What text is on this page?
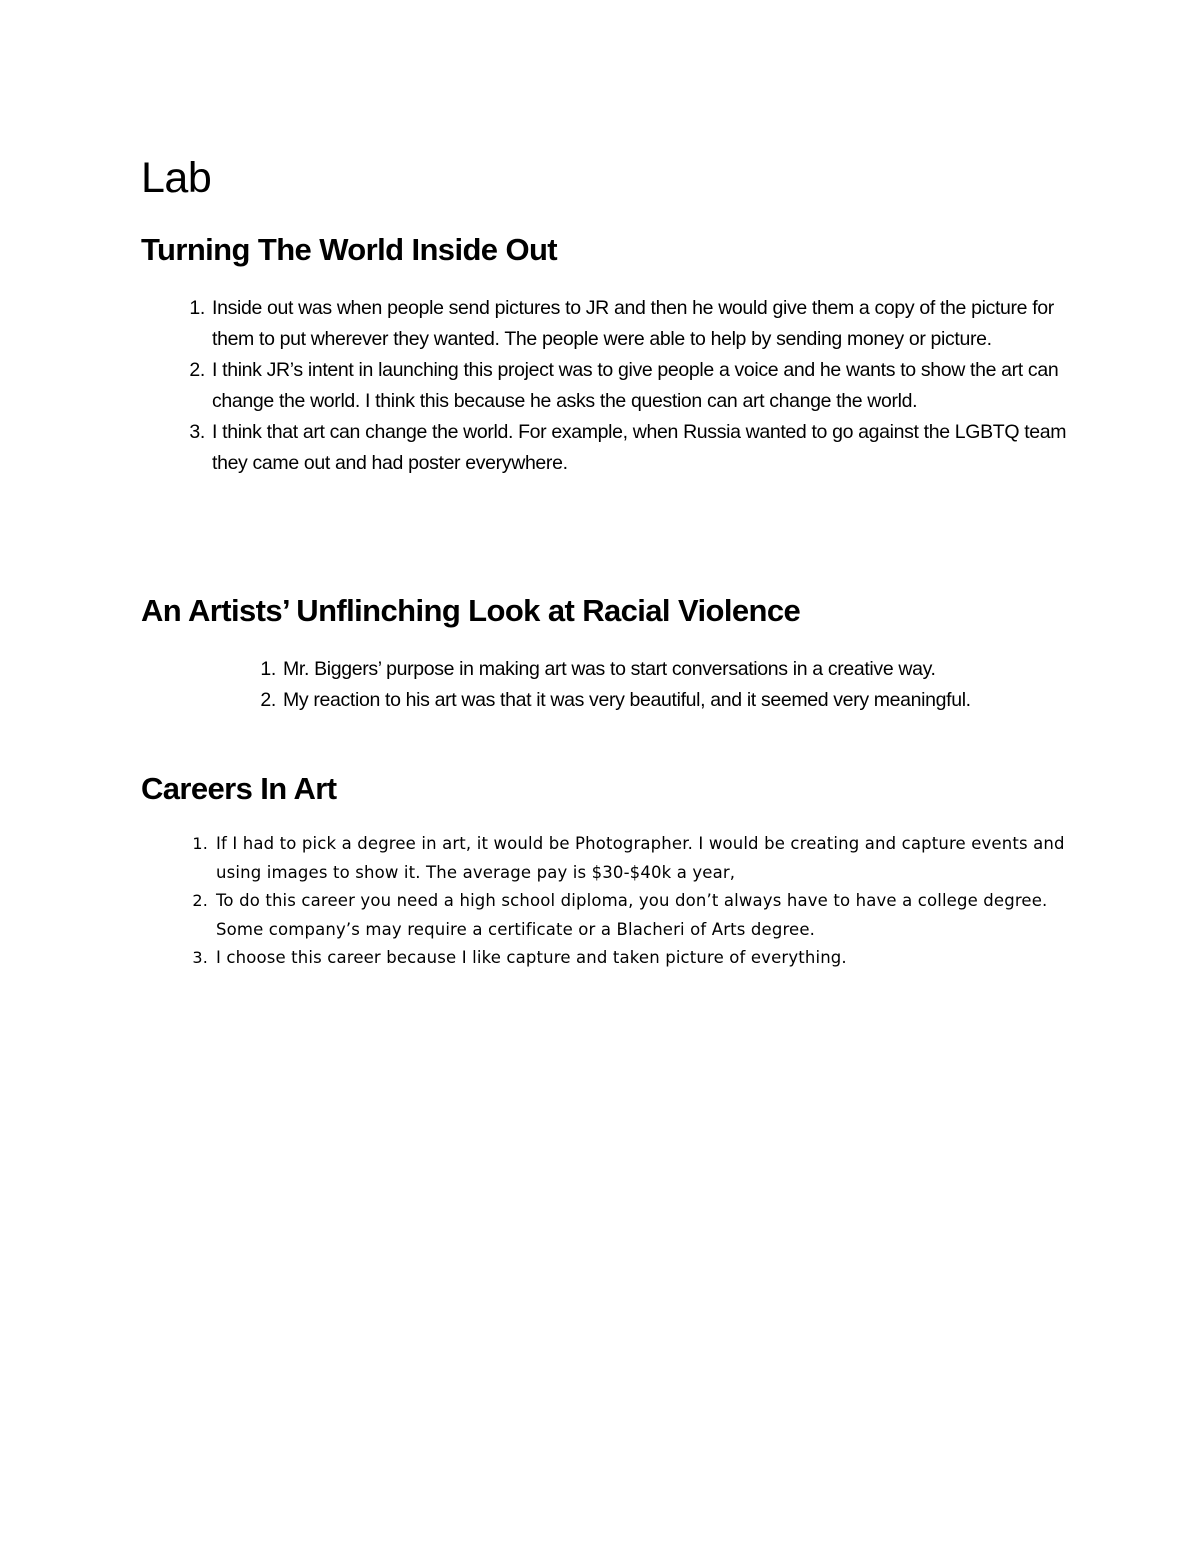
Lab
Turning The World Inside Out
1. Inside out was when people send pictures to JR and then he would give them a copy of the picture for them to put wherever they wanted. The people were able to help by sending money or picture.
2. I think JR’s intent in launching this project was to give people a voice and he wants to show the art can change the world. I think this because he asks the question can art change the world.
3. I think that art can change the world. For example, when Russia wanted to go against the LGBTQ team they came out and had poster everywhere.
An Artists’ Unflinching Look at Racial Violence
1. Mr. Biggers’ purpose in making art was to start conversations in a creative way.
2. My reaction to his art was that it was very beautiful, and it seemed very meaningful.
Careers In Art
1. If I had to pick a degree in art, it would be Photographer. I would be creating and capture events and using images to show it. The average pay is $30-$40k a year,
2. To do this career you need a high school diploma, you don’t always have to have a college degree. Some company’s may require a certificate or a Blacheri of Arts degree.
3. I choose this career because I like capture and taken picture of everything.
